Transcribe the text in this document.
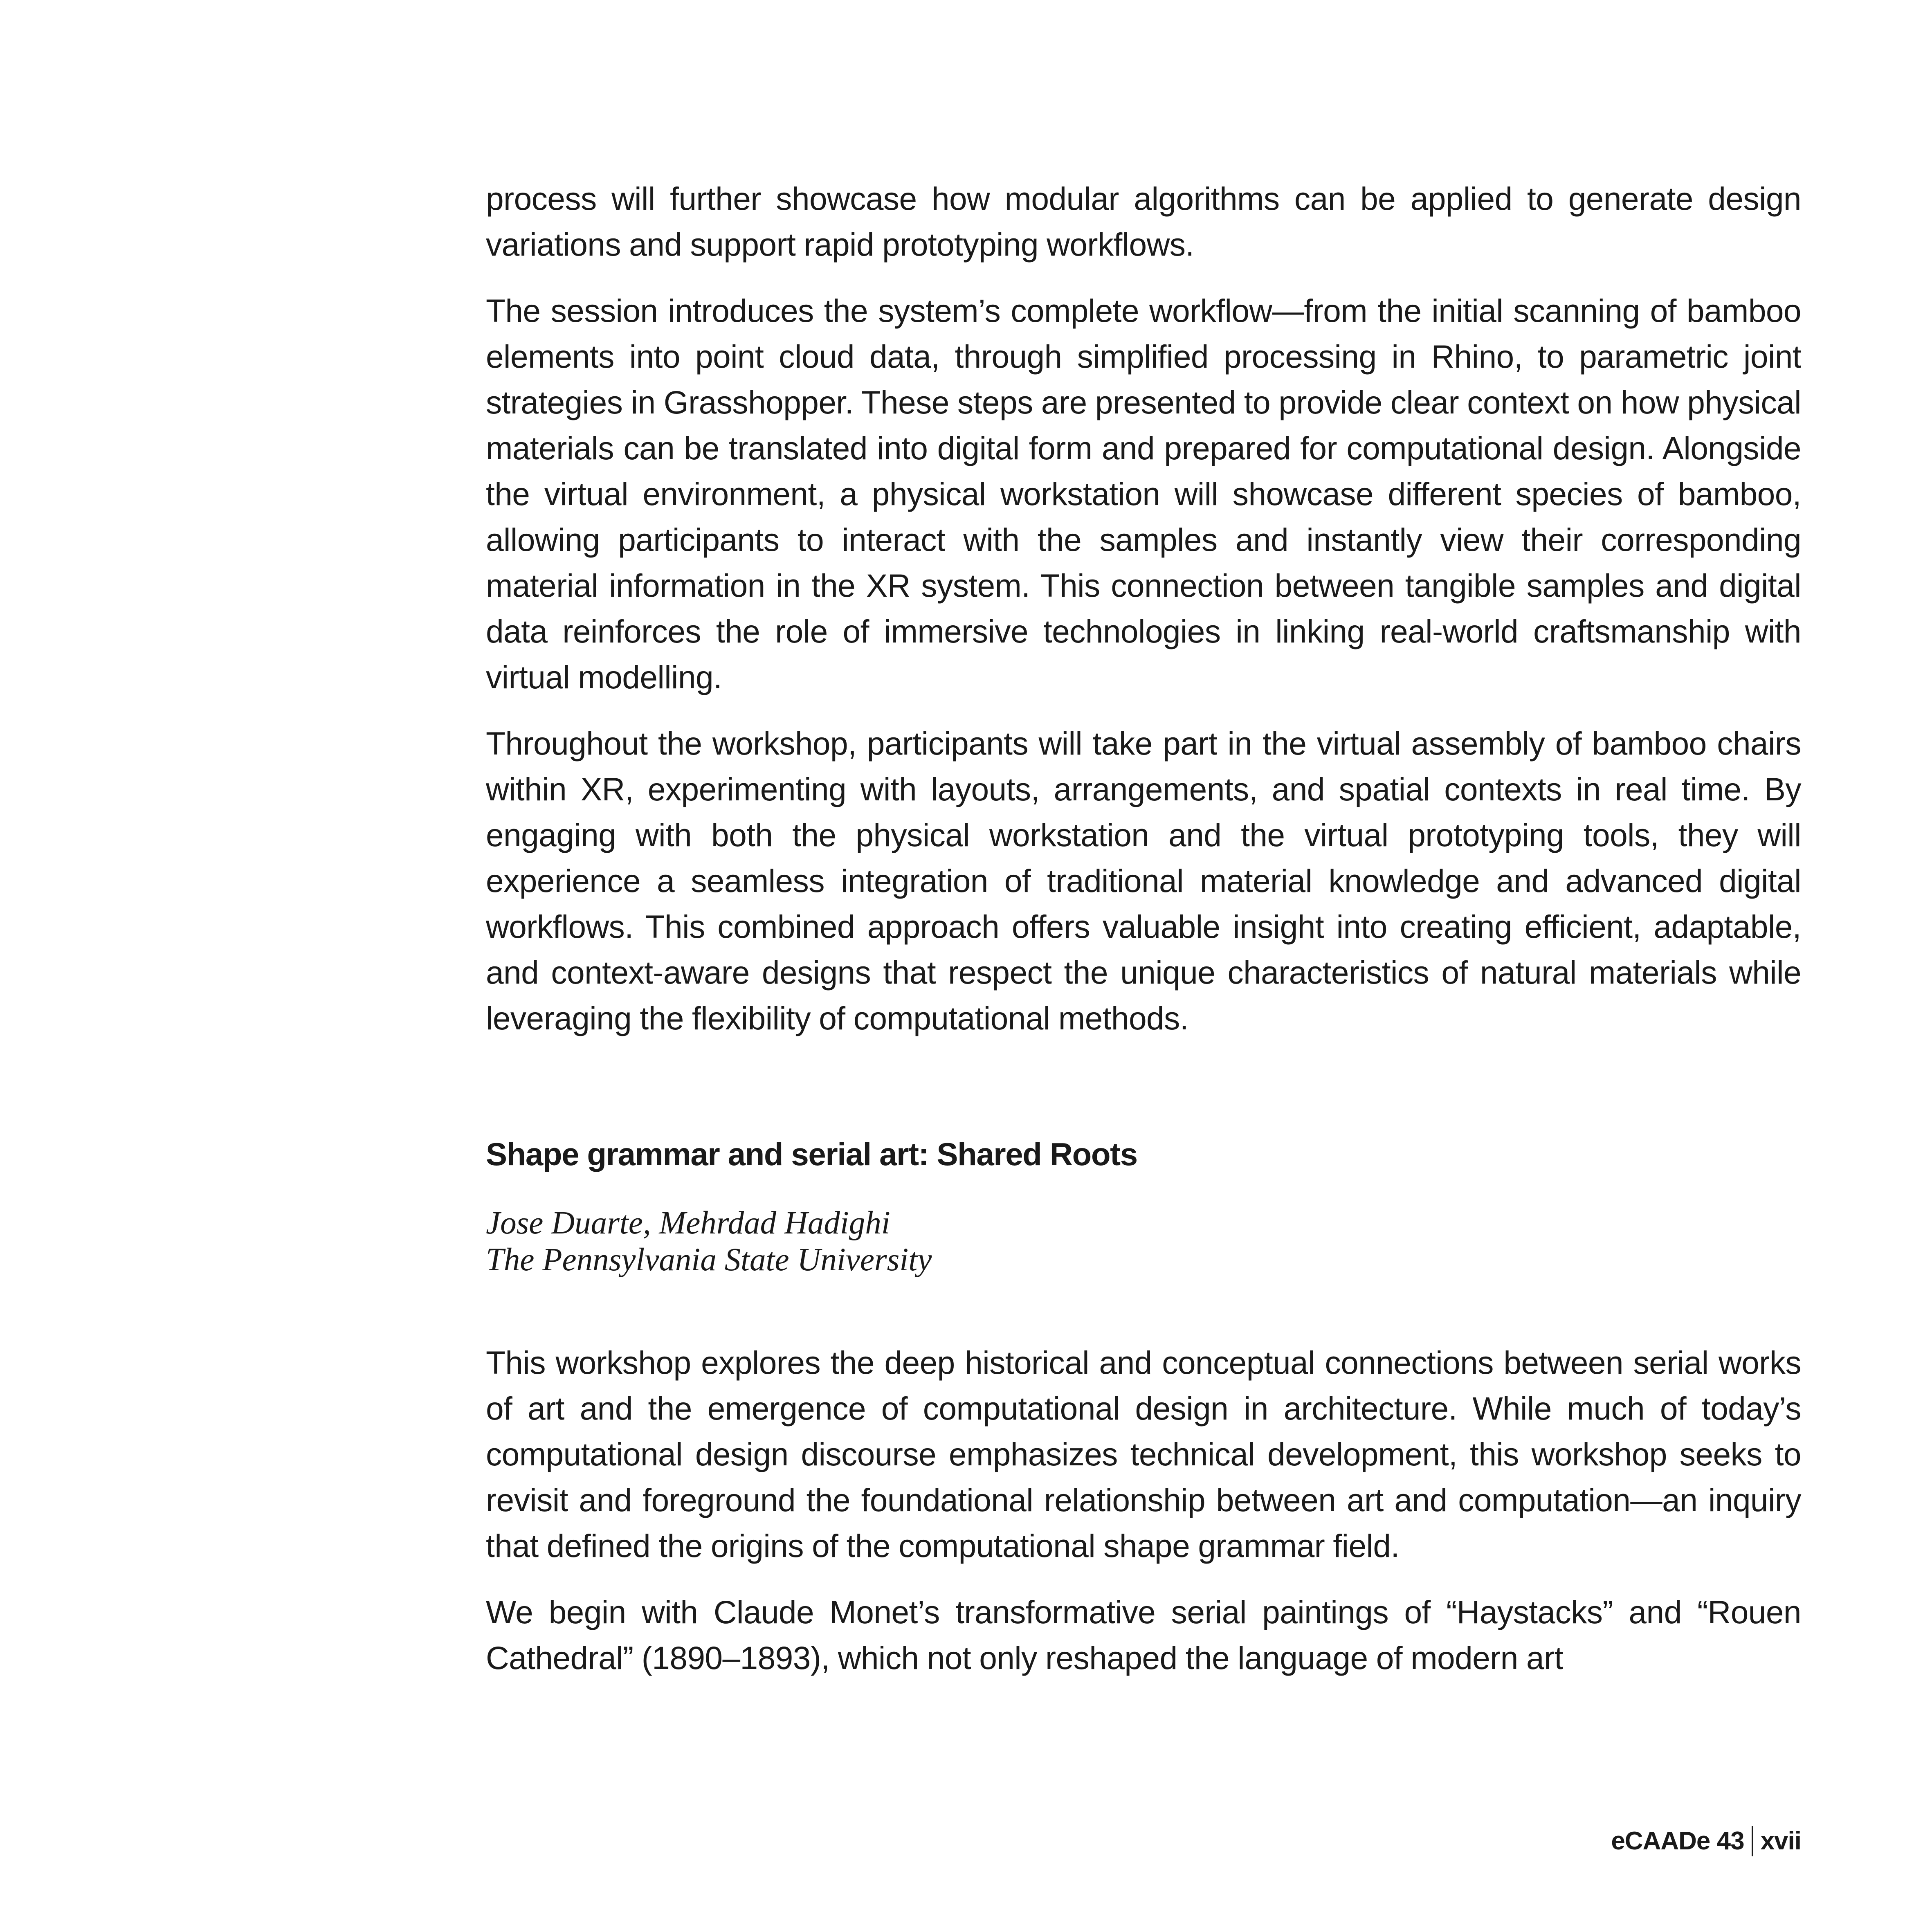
process will further showcase how modular algorithms can be applied to generate design variations and support rapid prototyping workflows.

The session introduces the system’s complete workflow—from the initial scanning of bamboo elements into point cloud data, through simplified processing in Rhino, to parametric joint strategies in Grasshopper. These steps are presented to provide clear context on how physical materials can be translated into digital form and prepared for computational design. Alongside the virtual environment, a physical workstation will showcase different species of bamboo, allowing participants to interact with the samples and instantly view their corresponding material information in the XR system. This connection between tangible samples and digital data reinforces the role of immersive technologies in linking real-world craftsmanship with virtual modelling.

Throughout the workshop, participants will take part in the virtual assembly of bamboo chairs within XR, experimenting with layouts, arrangements, and spatial contexts in real time. By engaging with both the physical workstation and the virtual prototyping tools, they will experience a seamless integration of traditional material knowledge and advanced digital workflows. This combined approach offers valuable insight into creating efficient, adaptable, and context-aware designs that respect the unique characteristics of natural materials while leveraging the flexibility of computational methods.

Shape grammar and serial art: Shared Roots
Jose Duarte, Mehrdad Hadighi
The Pennsylvania State University

This workshop explores the deep historical and conceptual connections between serial works of art and the emergence of computational design in architecture. While much of today’s computational design discourse emphasizes technical development, this workshop seeks to revisit and foreground the foundational relationship between art and computation—an inquiry that defined the origins of the computational shape grammar field.

We begin with Claude Monet’s transformative serial paintings of “Haystacks” and “Rouen Cathedral” (1890–1893), which not only reshaped the language of modern art

eCAADe 43 xvii
